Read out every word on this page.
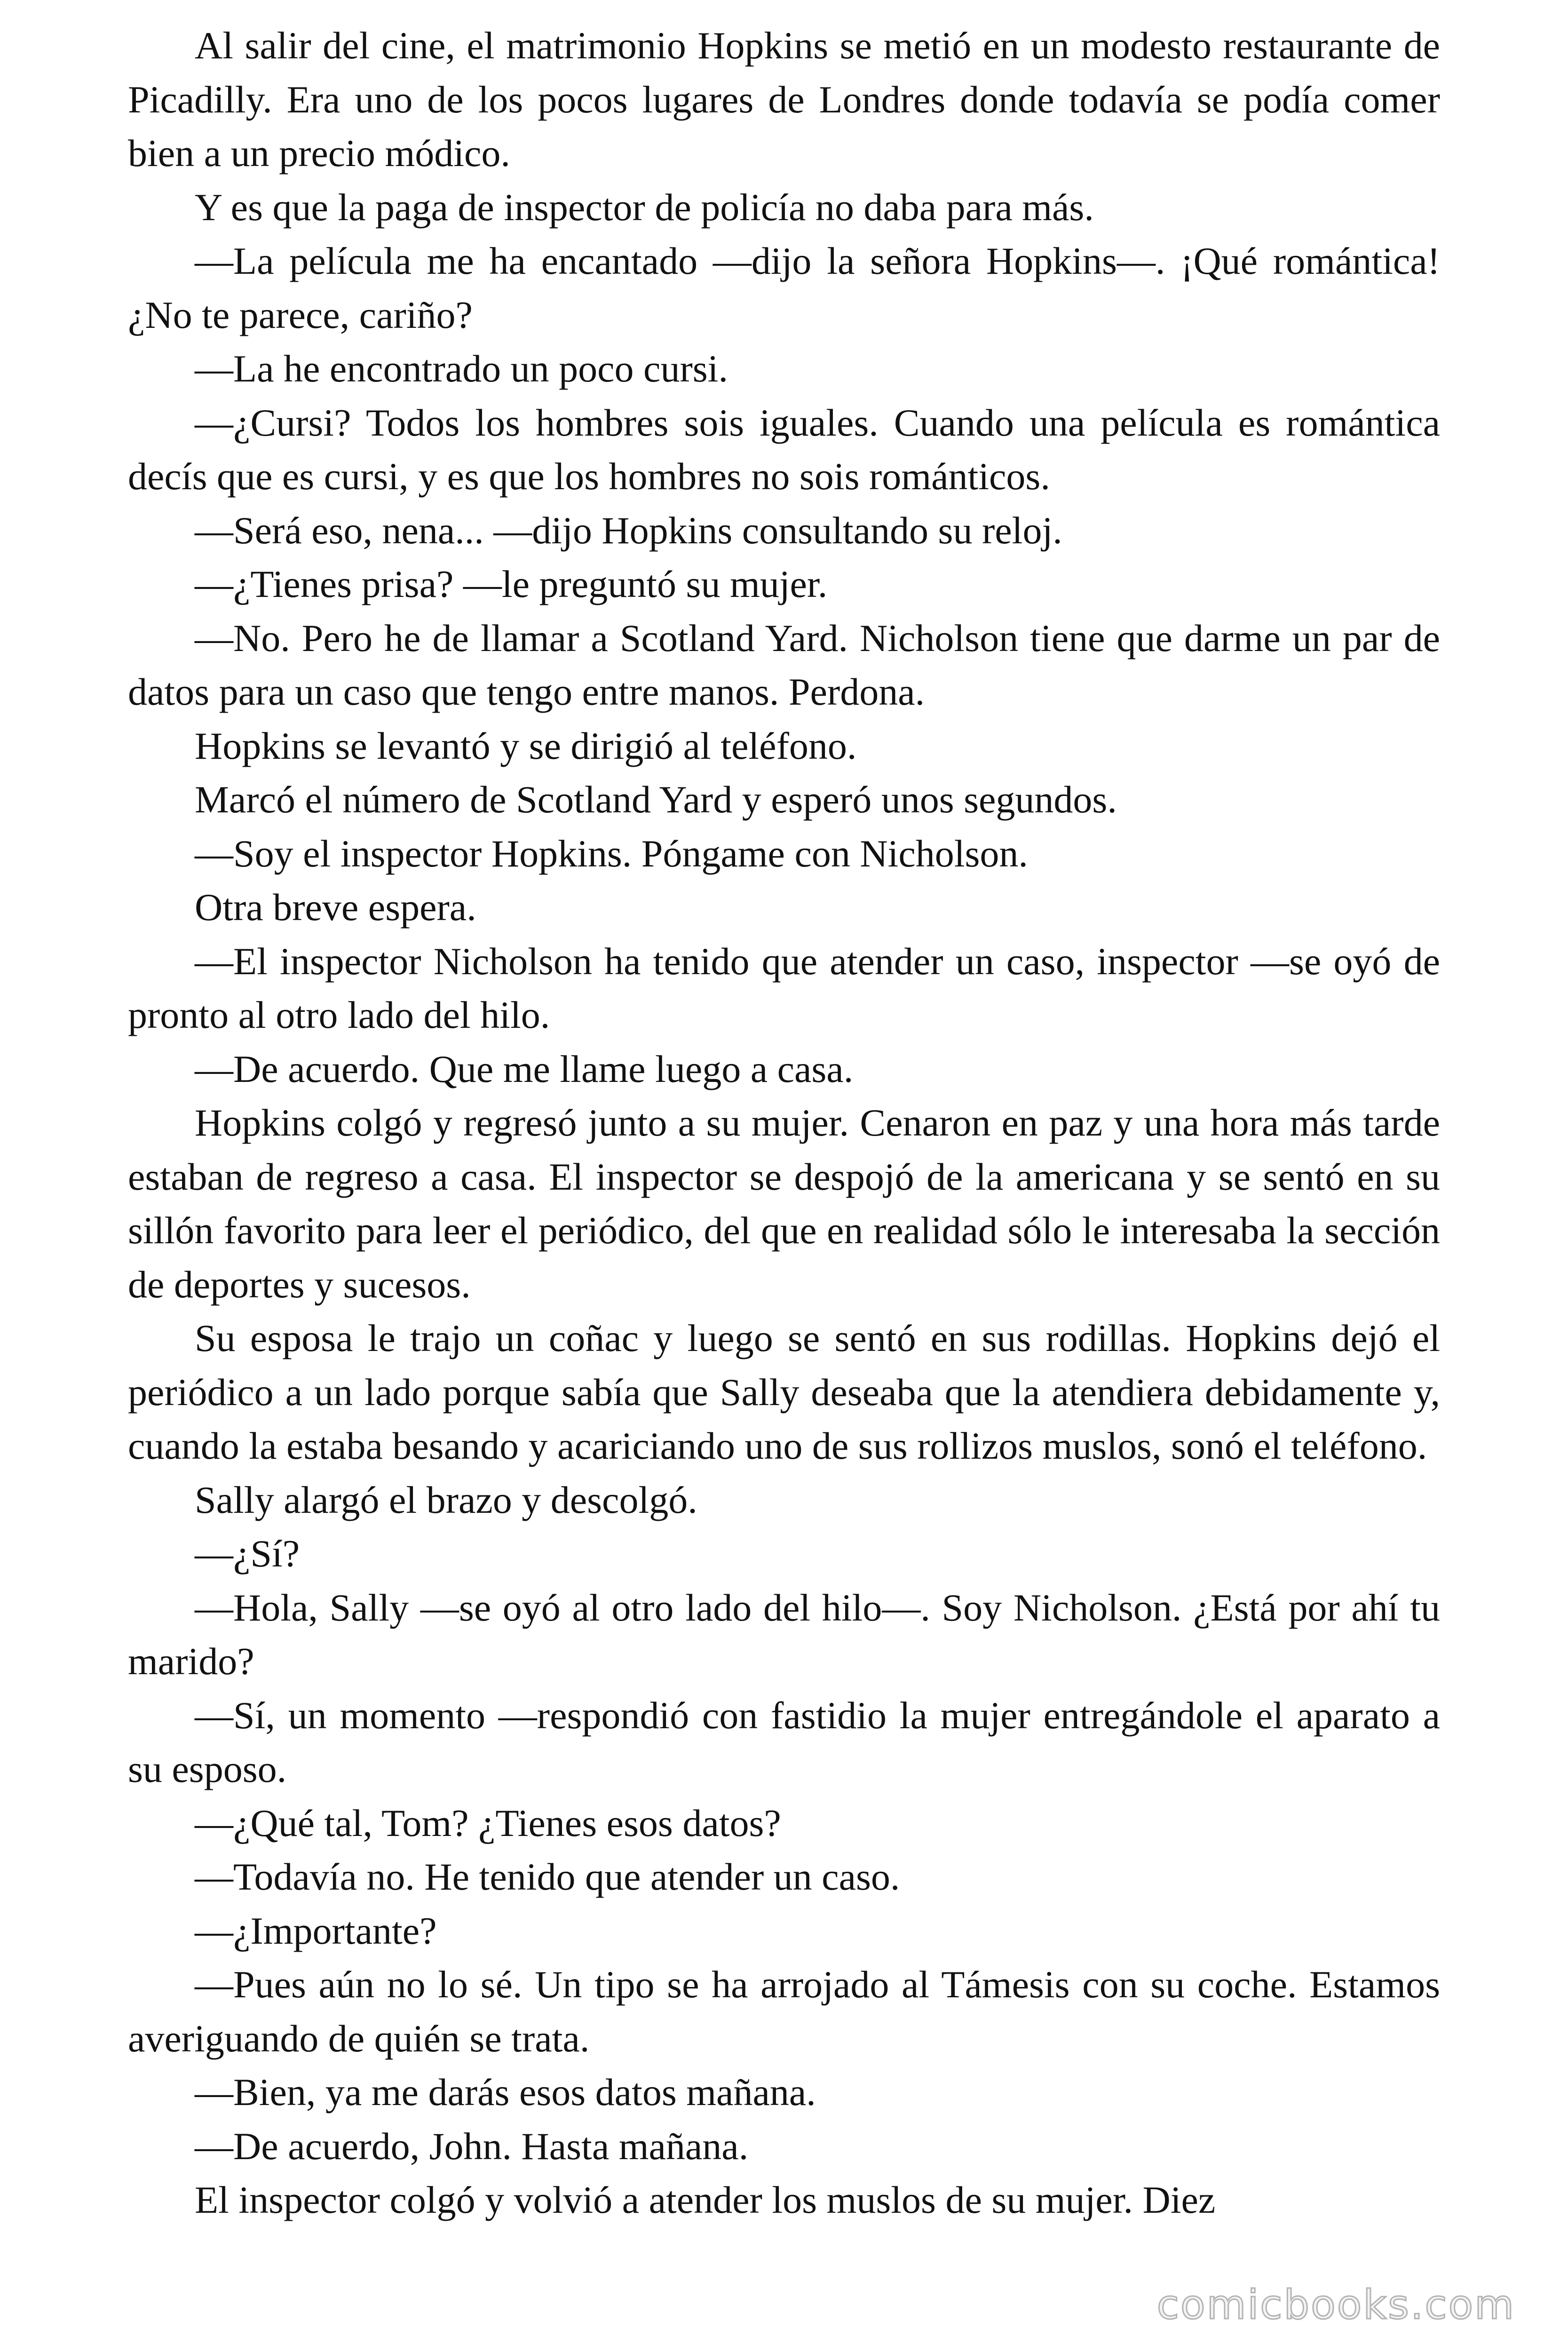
Al salir del cine, el matrimonio Hopkins se metió en un modesto restaurante de Picadilly. Era uno de los pocos lugares de Londres donde todavía se podía comer bien a un precio módico.

Y es que la paga de inspector de policía no daba para más.

—La película me ha encantado —dijo la señora Hopkins—. ¡Qué romántica! ¿No te parece, cariño?

—La he encontrado un poco cursi.

—¿Cursi? Todos los hombres sois iguales. Cuando una película es romántica decís que es cursi, y es que los hombres no sois románticos.

—Será eso, nena... —dijo Hopkins consultando su reloj.

—¿Tienes prisa? —le preguntó su mujer.

—No. Pero he de llamar a Scotland Yard. Nicholson tiene que darme un par de datos para un caso que tengo entre manos. Perdona.

Hopkins se levantó y se dirigió al teléfono.

Marcó el número de Scotland Yard y esperó unos segundos.

—Soy el inspector Hopkins. Póngame con Nicholson.

Otra breve espera.

—El inspector Nicholson ha tenido que atender un caso, inspector —se oyó de pronto al otro lado del hilo.

—De acuerdo. Que me llame luego a casa.

Hopkins colgó y regresó junto a su mujer. Cenaron en paz y una hora más tarde estaban de regreso a casa. El inspector se despojó de la americana y se sentó en su sillón favorito para leer el periódico, del que en realidad sólo le interesaba la sección de deportes y sucesos.

Su esposa le trajo un coñac y luego se sentó en sus rodillas. Hopkins dejó el periódico a un lado porque sabía que Sally deseaba que la atendiera debidamente y, cuando la estaba besando y acariciando uno de sus rollizos muslos, sonó el teléfono.

Sally alargó el brazo y descolgó.

—¿Sí?

—Hola, Sally —se oyó al otro lado del hilo—. Soy Nicholson. ¿Está por ahí tu marido?

—Sí, un momento —respondió con fastidio la mujer entregándole el aparato a su esposo.

—¿Qué tal, Tom? ¿Tienes esos datos?

—Todavía no. He tenido que atender un caso.

—¿Importante?

—Pues aún no lo sé. Un tipo se ha arrojado al Támesis con su coche. Estamos averiguando de quién se trata.

—Bien, ya me darás esos datos mañana.

—De acuerdo, John. Hasta mañana.

El inspector colgó y volvió a atender los muslos de su mujer. Diez

comicbooks.com
